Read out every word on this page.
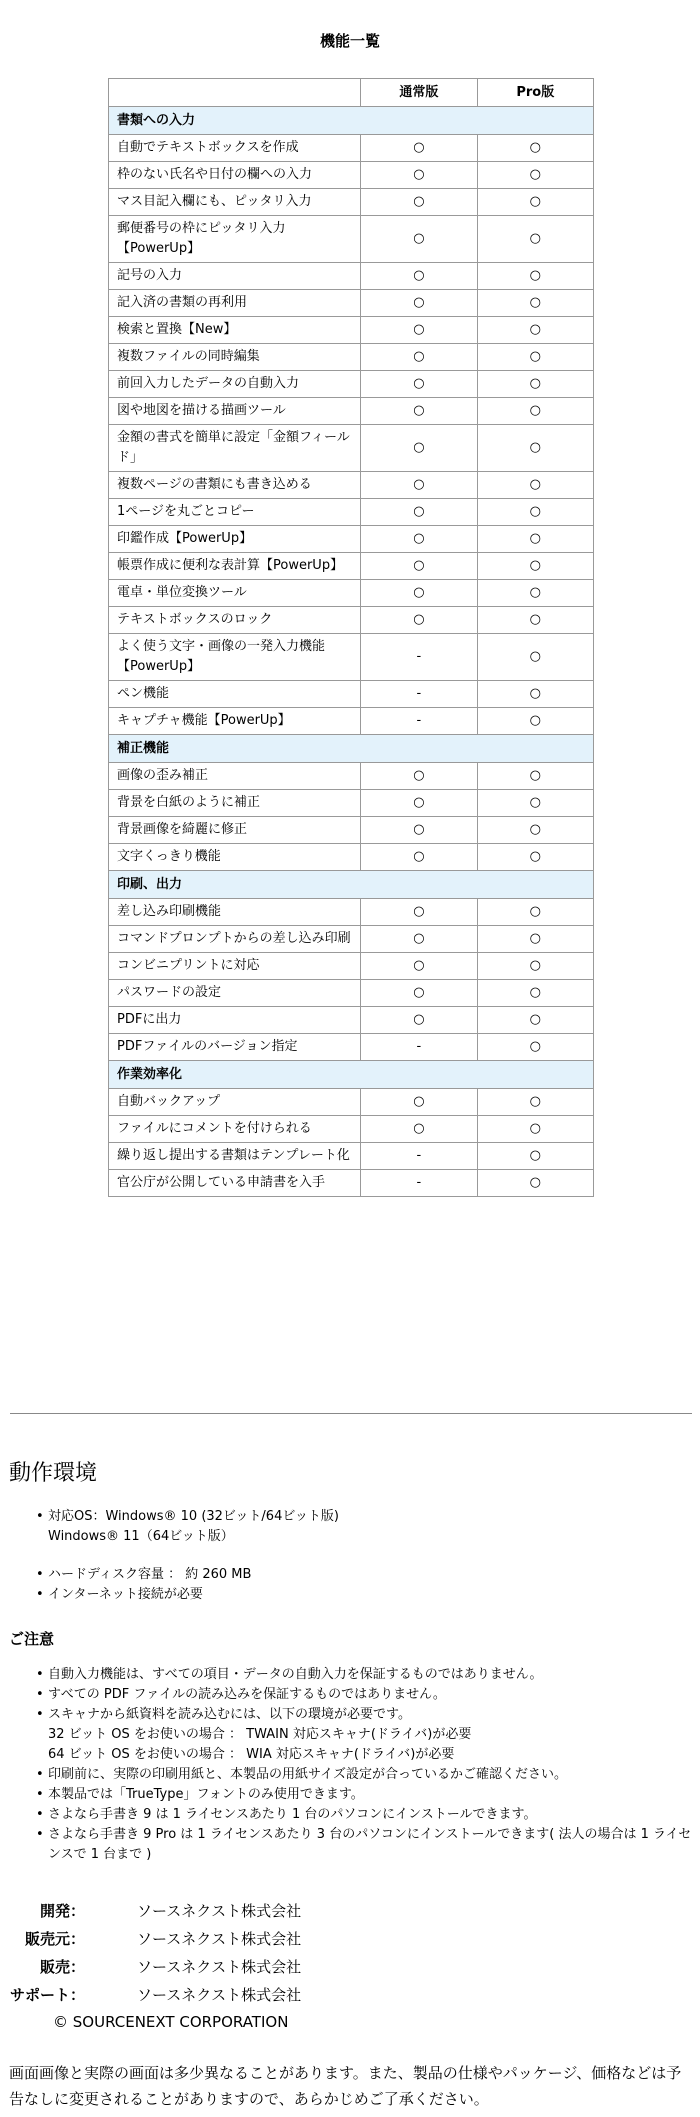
機能一覧
	通常版	Pro版
書類への入力		
自動でテキストボックスを作成	○	○
枠のない氏名や日付の欄への入力	○	○
マス目記入欄にも、ピッタリ入力	○	○
郵便番号の枠にピッタリ入力【PowerUp】	○	○
記号の入力	○	○
記入済の書類の再利用	○	○
検索と置換【New】	○	○
複数ファイルの同時編集	○	○
前回入力したデータの自動入力	○	○
図や地図を描ける描画ツール	○	○
金額の書式を簡単に設定「金額フィールド」	○	○
複数ページの書類にも書き込める	○	○
1ページを丸ごとコピー	○	○
印鑑作成【PowerUp】	○	○
帳票作成に便利な表計算【PowerUp】	○	○
電卓・単位変換ツール	○	○
テキストボックスのロック	○	○
よく使う文字・画像の一発入力機能【PowerUp】	-	○
ペン機能	-	○
キャプチャ機能【PowerUp】	-	○
補正機能		
画像の歪み補正	○	○
背景を白紙のように補正	○	○
背景画像を綺麗に修正	○	○
文字くっきり機能	○	○
印刷、出力		
差し込み印刷機能	○	○
コマンドプロンプトからの差し込み印刷	○	○
コンビニプリントに対応	○	○
パスワードの設定	○	○
PDFに出力	○	○
PDFファイルのバージョン指定	-	○
作業効率化		
自動バックアップ	○	○
ファイルにコメントを付けられる	○	○
繰り返し提出する書類はテンプレート化	-	○
官公庁が公開している申請書を入手	-	○
動作環境
• 対応OS：Windows® 10 (32ビット/64ビット版)
Windows® 11（64ビット版）
• ハードディスク容量 ： 約 260 MB
• インターネット接続が必要
ご注意
• 自動入力機能は、すべての項目・データの自動入力を保証するものではありません。
• すべての PDF ファイルの読み込みを保証するものではありません。
• スキャナから紙資料を読み込むには、以下の環境が必要です。
32 ビット OS をお使いの場合 ： TWAIN 対応スキャナ(ドライバ)が必要
64 ビット OS をお使いの場合 ： WIA 対応スキャナ(ドライバ)が必要
• 印刷前に、実際の印刷用紙と、本製品の用紙サイズ設定が合っているかご確認ください。
• 本製品では「TrueType」フォントのみ使用できます。
• さよなら手書き 9 は 1 ライセンスあたり 1 台のパソコンにインストールできます。
• さよなら手書き 9 Pro は 1 ライセンスあたり 3 台のパソコンにインストールできます( 法人の場合は 1 ライセンスで 1 台まで )
開発：	ソースネクスト株式会社
販売元：	ソースネクスト株式会社
販売：	ソースネクスト株式会社
サポート：	ソースネクスト株式会社
© SOURCENEXT CORPORATION
画面画像と実際の画面は多少異なることがあります。また、製品の仕様やパッケージ、価格などは予告なしに変更されることがありますので、あらかじめご了承ください。
